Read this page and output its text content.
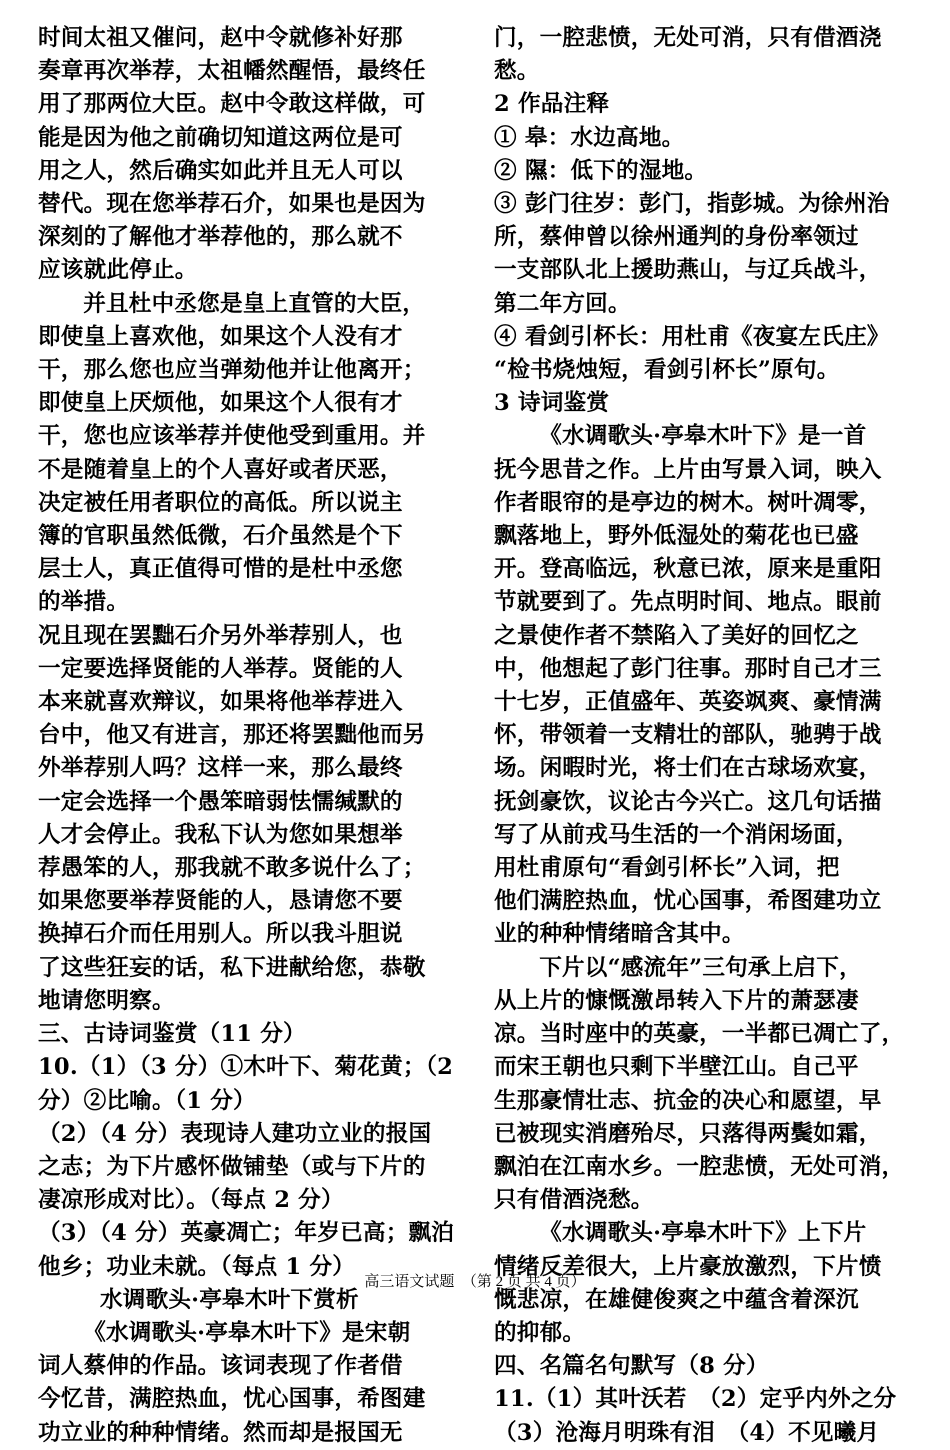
时间太祖又催问，赵中令就修补好那
奏章再次举荐，太祖幡然醒悟，最终任
用了那两位大臣。赵中令敢这样做，可
能是因为他之前确切知道这两位是可
用之人，然后确实如此并且无人可以
替代。现在您举荐石介，如果也是因为
深刻的了解他才举荐他的，那么就不
应该就此停止。
并且杜中丞您是皇上直管的大臣，
即使皇上喜欢他，如果这个人没有才
干，那么您也应当弹劾他并让他离开；
即使皇上厌烦他，如果这个人很有才
干，您也应该举荐并使他受到重用。并
不是随着皇上的个人喜好或者厌恶，
决定被任用者职位的高低。所以说主
簿的官职虽然低微，石介虽然是个下
层士人，真正值得可惜的是杜中丞您
的举措。
况且现在罢黜石介另外举荐别人，也
一定要选择贤能的人举荐。贤能的人
本来就喜欢辩议，如果将他举荐进入
台中，他又有进言，那还将罢黜他而另
外举荐别人吗？这样一来，那么最终
一定会选择一个愚笨暗弱怯懦缄默的
人才会停止。我私下认为您如果想举
荐愚笨的人，那我就不敢多说什么了；
如果您要举荐贤能的人，恳请您不要
换掉石介而任用别人。所以我斗胆说
了这些狂妄的话，私下进献给您，恭敬
地请您明察。
三、古诗词鉴赏（11 分）
10.（1）（3 分）①木叶下、菊花黄；（2
分）②比喻。（1 分）
（2）（4 分）表现诗人建功立业的报国
之志；为下片感怀做铺垫（或与下片的
凄凉形成对比）。（每点 2 分）
（3）（4 分）英豪凋亡；年岁已高；飘泊
他乡；功业未就。（每点 1 分）
水调歌头·亭皋木叶下赏析
《水调歌头·亭皋木叶下》是宋朝
词人蔡伸的作品。该词表现了作者借
今忆昔，满腔热血，忧心国事，希图建
功立业的种种情绪。然而却是报国无
门，一腔悲愤，无处可消，只有借酒浇
愁。
2 作品注释
① 皋：水边高地。
② 隰：低下的湿地。
③ 彭门往岁：彭门，指彭城。为徐州治
所，蔡伸曾以徐州通判的身份率领过
一支部队北上援助燕山，与辽兵战斗，
第二年方回。
④ 看剑引杯长：用杜甫《夜宴左氏庄》
“检书烧烛短，看剑引杯长”原句。
3 诗词鉴赏
《水调歌头·亭皋木叶下》是一首
抚今思昔之作。上片由写景入词，映入
作者眼帘的是亭边的树木。树叶凋零，
飘落地上，野外低湿处的菊花也已盛
开。登高临远，秋意已浓，原来是重阳
节就要到了。先点明时间、地点。眼前
之景使作者不禁陷入了美好的回忆之
中，他想起了彭门往事。那时自己才三
十七岁，正值盛年、英姿飒爽、豪情满
怀，带领着一支精壮的部队，驰骋于战
场。闲暇时光，将士们在古球场欢宴，
抚剑豪饮，议论古今兴亡。这几句话描
写了从前戎马生活的一个消闲场面，
用杜甫原句“看剑引杯长”入词，把
他们满腔热血，忧心国事，希图建功立
业的种种情绪暗含其中。
下片以“感流年”三句承上启下，
从上片的慷慨激昂转入下片的萧瑟凄
凉。当时座中的英豪，一半都已凋亡了，
而宋王朝也只剩下半壁江山。自己平
生那豪情壮志、抗金的决心和愿望，早
已被现实消磨殆尽，只落得两鬓如霜，
飘泊在江南水乡。一腔悲愤，无处可消，
只有借酒浇愁。
《水调歌头·亭皋木叶下》上下片
情绪反差很大，上片豪放激烈，下片愤
慨悲凉，在雄健俊爽之中蕴含着深沉
的抑郁。
四、名篇名句默写（8 分）
11.（1）其叶沃若　（2）定乎内外之分
（3）沧海月明珠有泪　（4）不见曦月
高三语文试题　（第 2 页 共 4 页）
